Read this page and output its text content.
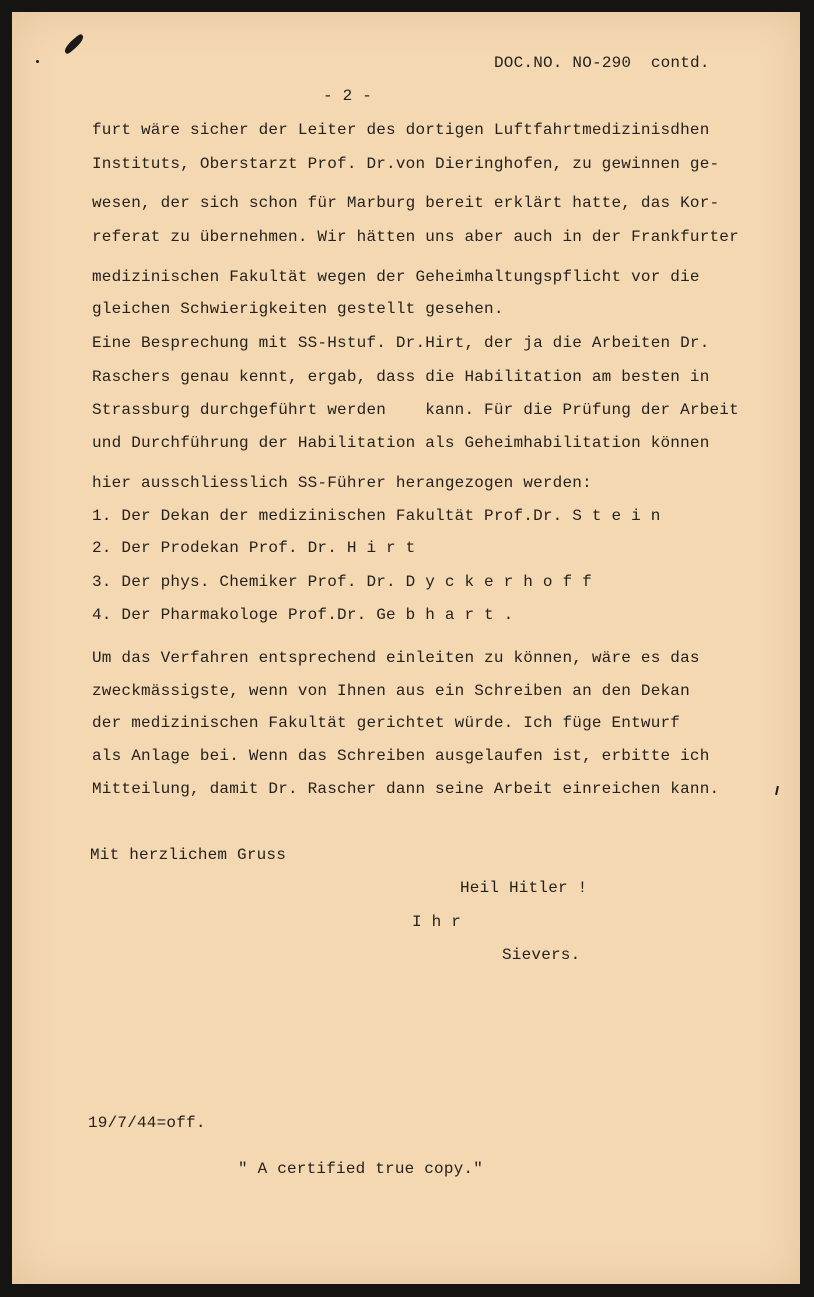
DOC.NO. NO-290  contd.
- 2 -
furt wäre sicher der Leiter des dortigen Luftfahrtmedizinisdhen
Instituts, Oberstarzt Prof. Dr.von Dieringhofen, zu gewinnen ge-
wesen, der sich schon für Marburg bereit erklärt hatte, das Kor-
referat zu übernehmen. Wir hätten uns aber auch in der Frankfurter
medizinischen Fakultät wegen der Geheimhaltungspflicht vor die
gleichen Schwierigkeiten gestellt gesehen.
Eine Besprechung mit SS-Hstuf. Dr.Hirt, der ja die Arbeiten Dr.
Raschers genau kennt, ergab, dass die Habilitation am besten in
Strassburg durchgeführt werden    kann. Für die Prüfung der Arbeit
und Durchführung der Habilitation als Geheimhabilitation können
hier ausschliesslich SS-Führer herangezogen werden:
1. Der Dekan der medizinischen Fakultät Prof.Dr. S t e i n
2. Der Prodekan Prof. Dr. H i r t
3. Der phys. Chemiker Prof. Dr. D y c k e r h o f f
4. Der Pharmakologe Prof.Dr. Ge b h a r t .
Um das Verfahren entsprechend einleiten zu können, wäre es das
zweckmässigste, wenn von Ihnen aus ein Schreiben an den Dekan
der medizinischen Fakultät gerichtet würde. Ich füge Entwurf
als Anlage bei. Wenn das Schreiben ausgelaufen ist, erbitte ich
Mitteilung, damit Dr. Rascher dann seine Arbeit einreichen kann.
Mit herzlichem Gruss
Heil Hitler !
I h r
Sievers.
19/7/44=off.
" A certified true copy."
